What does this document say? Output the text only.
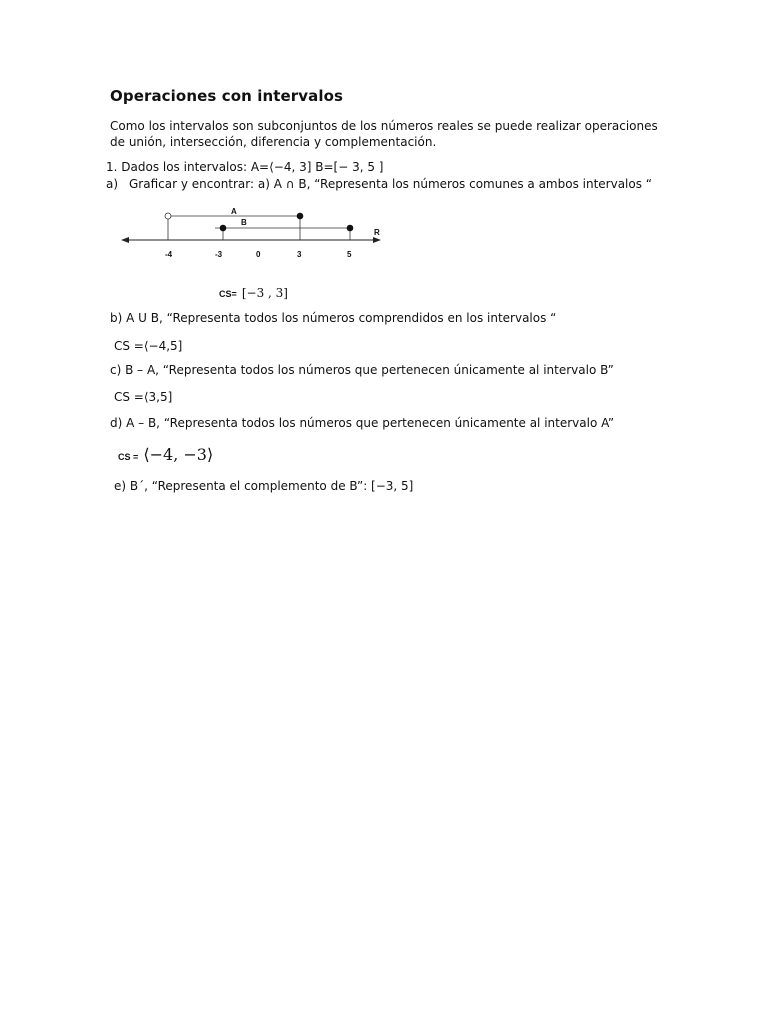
Operaciones con intervalos
Como los intervalos son subconjuntos de los números reales se puede realizar operaciones de unión, intersección, diferencia y complementación.
1. Dados los intervalos: A=⟨−4, 3] B=[− 3, 5 ]
a) Graficar y encontrar: a) A ∩ B, “Representa los números comunes a ambos intervalos “
R
A
B
-4	-3	0	3	5
CS= [−3 , 3]
b) A U B, “Representa todos los números comprendidos en los intervalos “
CS =⟨−4,5]
c) B – A, “Representa todos los números que pertenecen únicamente al intervalo B”
CS =⟨3,5]
d) A – B, “Representa todos los números que pertenecen únicamente al intervalo A”
CS = ⟨−4, −3⟩
e) B´, “Representa el complemento de B”: [−3, 5]
